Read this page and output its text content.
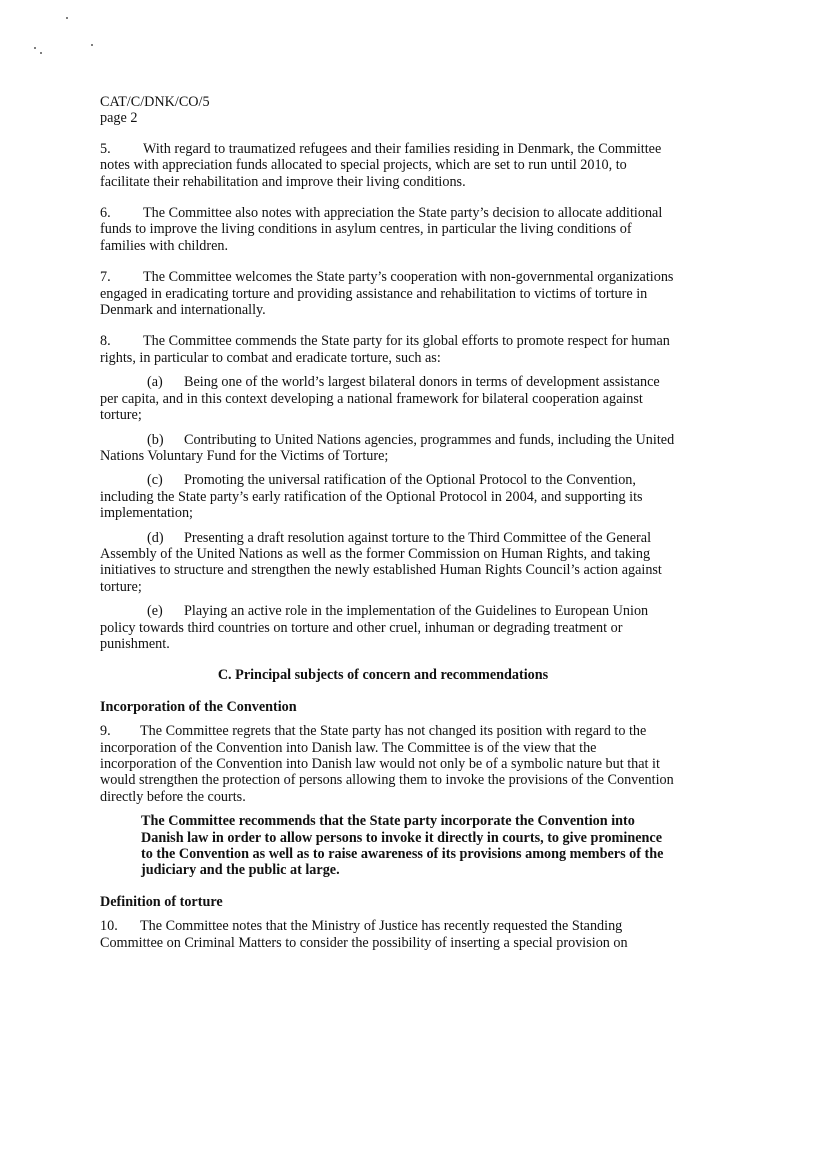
CAT/C/DNK/CO/5

page 2

5. With regard to traumatized refugees and their families residing in Denmark, the Committee notes with appreciation funds allocated to special projects, which are set to run until 2010, to facilitate their rehabilitation and improve their living conditions.

6. The Committee also notes with appreciation the State party’s decision to allocate additional funds to improve the living conditions in asylum centres, in particular the living conditions of families with children.

7. The Committee welcomes the State party’s cooperation with non-governmental organizations engaged in eradicating torture and providing assistance and rehabilitation to victims of torture in Denmark and internationally.

8. The Committee commends the State party for its global efforts to promote respect for human rights, in particular to combat and eradicate torture, such as:

(a) Being one of the world’s largest bilateral donors in terms of development assistance per capita, and in this context developing a national framework for bilateral cooperation against torture;

(b) Contributing to United Nations agencies, programmes and funds, including the United Nations Voluntary Fund for the Victims of Torture;

(c) Promoting the universal ratification of the Optional Protocol to the Convention, including the State party’s early ratification of the Optional Protocol in 2004, and supporting its implementation;

(d) Presenting a draft resolution against torture to the Third Committee of the General Assembly of the United Nations as well as the former Commission on Human Rights, and taking initiatives to structure and strengthen the newly established Human Rights Council’s action against torture;

(e) Playing an active role in the implementation of the Guidelines to European Union policy towards third countries on torture and other cruel, inhuman or degrading treatment or punishment.

C. Principal subjects of concern and recommendations

Incorporation of the Convention

9. The Committee regrets that the State party has not changed its position with regard to the incorporation of the Convention into Danish law. The Committee is of the view that the incorporation of the Convention into Danish law would not only be of a symbolic nature but that it would strengthen the protection of persons allowing them to invoke the provisions of the Convention directly before the courts.

The Committee recommends that the State party incorporate the Convention into Danish law in order to allow persons to invoke it directly in courts, to give prominence to the Convention as well as to raise awareness of its provisions among members of the judiciary and the public at large.

Definition of torture

10. The Committee notes that the Ministry of Justice has recently requested the Standing Committee on Criminal Matters to consider the possibility of inserting a special provision on
